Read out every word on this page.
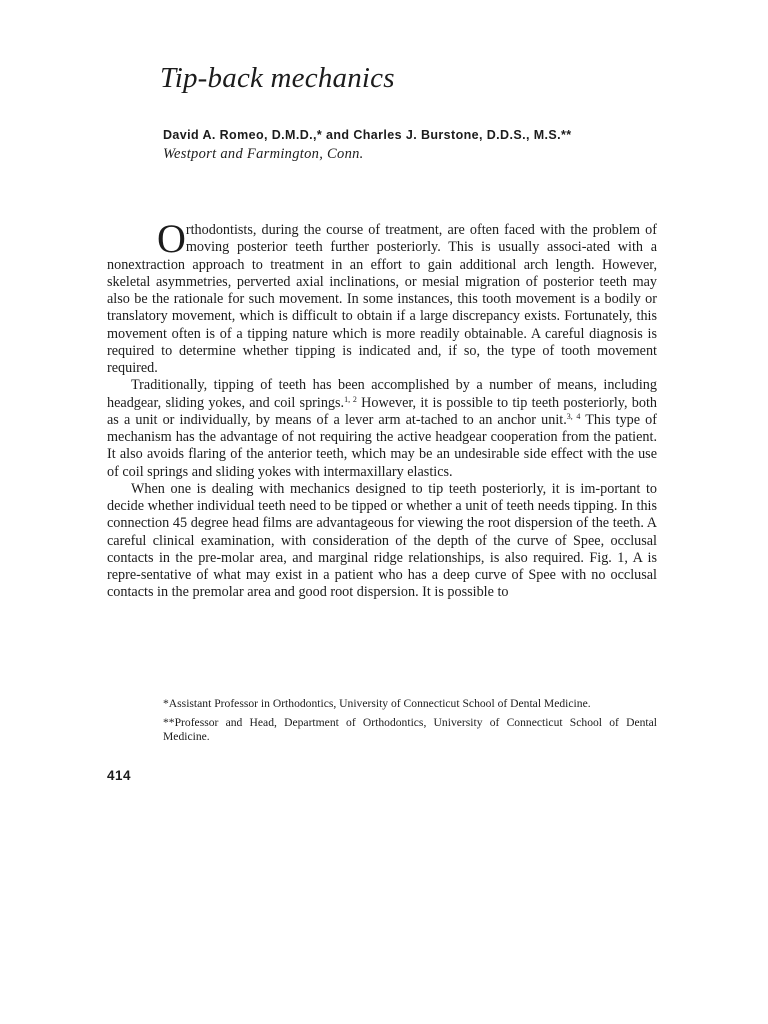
Tip-back mechanics
David A. Romeo, D.M.D.,* and Charles J. Burstone, D.D.S., M.S.**
Westport and Farmington, Conn.

Orthodontists, during the course of treatment, are often faced with the problem of moving posterior teeth further posteriorly. This is usually associ-ated with a nonextraction approach to treatment in an effort to gain additional arch length. However, skeletal asymmetries, perverted axial inclinations, or mesial migration of posterior teeth may also be the rationale for such movement. In some instances, this tooth movement is a bodily or translatory movement, which is difficult to obtain if a large discrepancy exists. Fortunately, this movement often is of a tipping nature which is more readily obtainable. A careful diagnosis is required to determine whether tipping is indicated and, if so, the type of tooth movement required.

Traditionally, tipping of teeth has been accomplished by a number of means, including headgear, sliding yokes, and coil springs.$^{1, 2}$ However, it is possible to tip teeth posteriorly, both as a unit or individually, by means of a lever arm at-tached to an anchor unit.$^{3, 4}$ This type of mechanism has the advantage of not requiring the active headgear cooperation from the patient. It also avoids flaring of the anterior teeth, which may be an undesirable side effect with the use of coil springs and sliding yokes with intermaxillary elastics.

When one is dealing with mechanics designed to tip teeth posteriorly, it is im-portant to decide whether individual teeth need to be tipped or whether a unit of teeth needs tipping. In this connection 45 degree head films are advantageous for viewing the root dispersion of the teeth. A careful clinical examination, with consideration of the depth of the curve of Spee, occlusal contacts in the pre-molar area, and marginal ridge relationships, is also required. Fig. 1, A is repre-sentative of what may exist in a patient who has a deep curve of Spee with no occlusal contacts in the premolar area and good root dispersion. It is possible to

*Assistant Professor in Orthodontics, University of Connecticut School of Dental Medicine.

**Professor and Head, Department of Orthodontics, University of Connecticut School of Dental Medicine.

414
